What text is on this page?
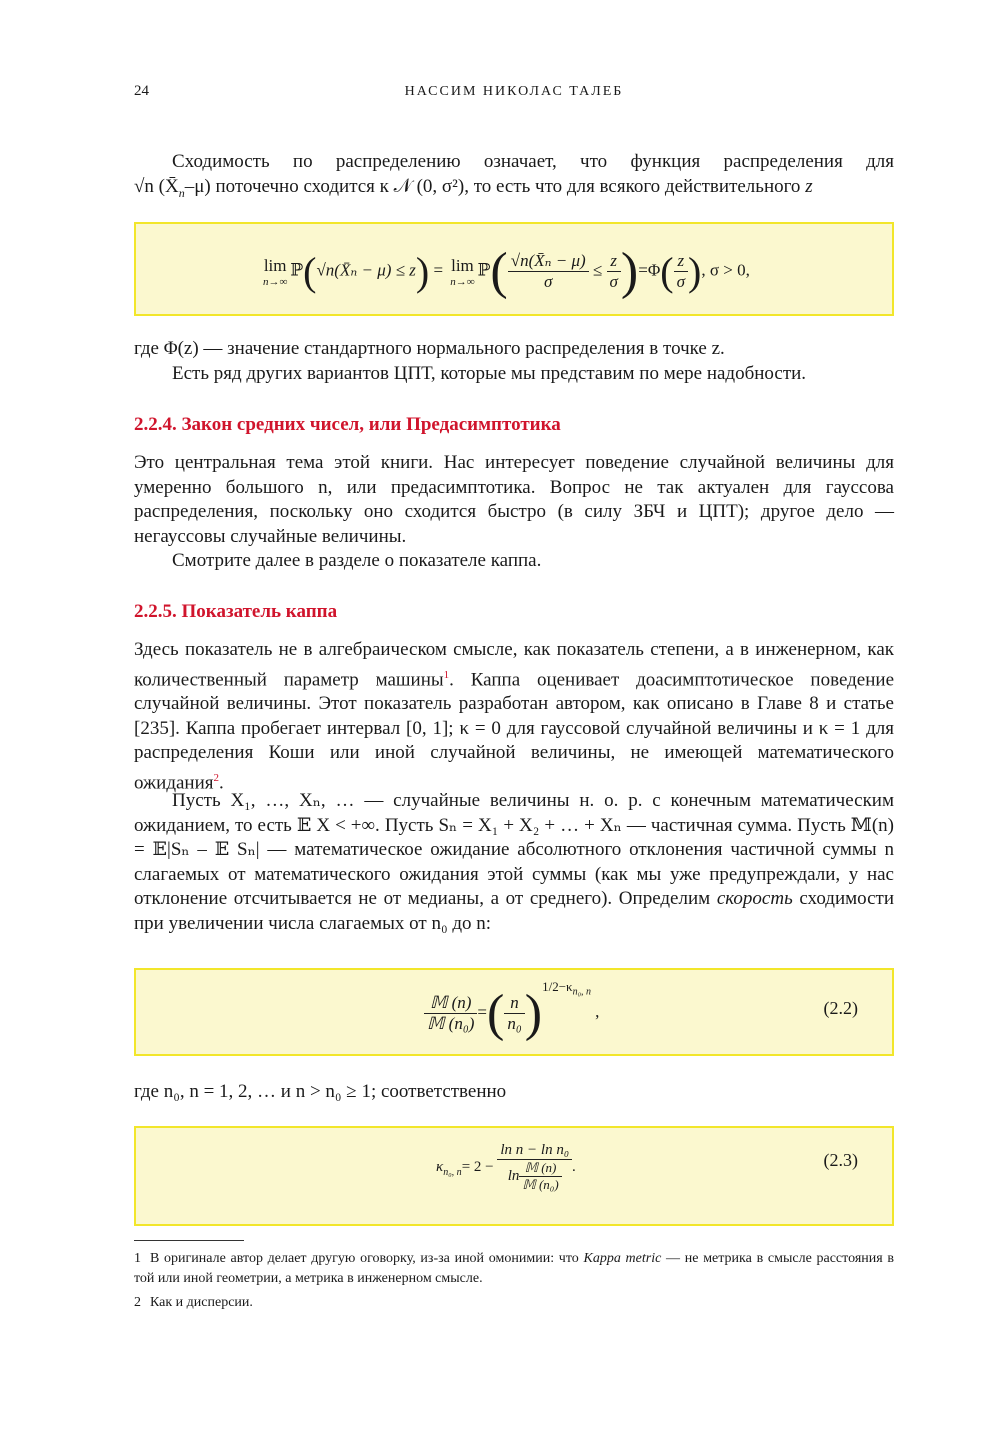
24	НАССИМ НИКОЛАС ТАЛЕБ
Сходимость по распределению означает, что функция распределения для
√n $(X̄_n-\mu)$ поточечно сходится к 𝒩 (0, σ²), то есть что для всякого действительного z
lim
n→∞
ℙ(√n(X̄ₙ − μ) ≤ z) = lim
n→∞
ℙ( $\frac{\text{√n(X̄ₙ − μ)}}{\sigma} \le \frac{z}{\sigma} )=\Phi( \frac{z}{\sigma}$ ), σ > 0,
где Φ(z) — значение стандартного нормального распределения в точке z.
Есть ряд других вариантов ЦПТ, которые мы представим по мере надобности.
2.2.4. Закон средних чисел, или Предасимптотика
Это центральная тема этой книги. Нас интересует поведение случайной величины для умеренно большого n, или предасимптотика. Вопрос не так актуален для гауссова распределения, поскольку оно сходится быстро (в силу ЗБЧ и ЦПТ); другое дело — негауссовы случайные величины.
Смотрите далее в разделе о показателе каппа.
2.2.5. Показатель каппа
Здесь показатель не в алгебраическом смысле, как показатель степени, а в инженерном, как количественный параметр машины$^1$. Каппа оценивает доасимптотическое поведение случайной величины. Этот показатель разработан автором, как описано в Главе 8 и статье [235]. Каппа пробегает интервал [0, 1]; κ = 0 для гауссовой случайной величины и κ = 1 для распределения Коши или иной случайной величины, не имеющей математического ожидания$^2$.
Пусть X₁, …, Xₙ, … — случайные величины н. о. р. с конечным математическим ожиданием, то есть 𝔼 X < +∞. Пусть Sₙ = X₁ + X₂ + … + Xₙ — частичная сумма. Пусть 𝕄(n) = 𝔼|Sₙ – 𝔼 Sₙ| — математическое ожидание абсолютного отклонения частичной суммы n слагаемых от математического ожидания этой суммы (как мы уже предупреждали, у нас отклонение отсчитывается не от медианы, а от среднего). Определим скорость сходимости при увеличении числа слагаемых от n₀ до n:
$\frac{\text{𝕄 (n)}}{\text{𝕄 (n₀)}}$ =( $\frac{n}{\text{n₀}} )^{1/2-\kappa_{n_0, n}}$,	(2.2)
где n₀, n = 1, 2, … и n > n₀ ≥ 1; соответственно
$\kappa_{n_0, n}= 2 - \frac{\text{ln n − ln n₀}}{\ln \frac{\text{𝕄 (n)}}{\text{𝕄 (n₀)}}}$ .	(2.3)
1 В оригинале автор делает другую оговорку, из-за иной омонимии: что Kappa metric — не метрика в смысле расстояния в той или иной геометрии, а метрика в инженерном смысле.
2 Как и дисперсии.
